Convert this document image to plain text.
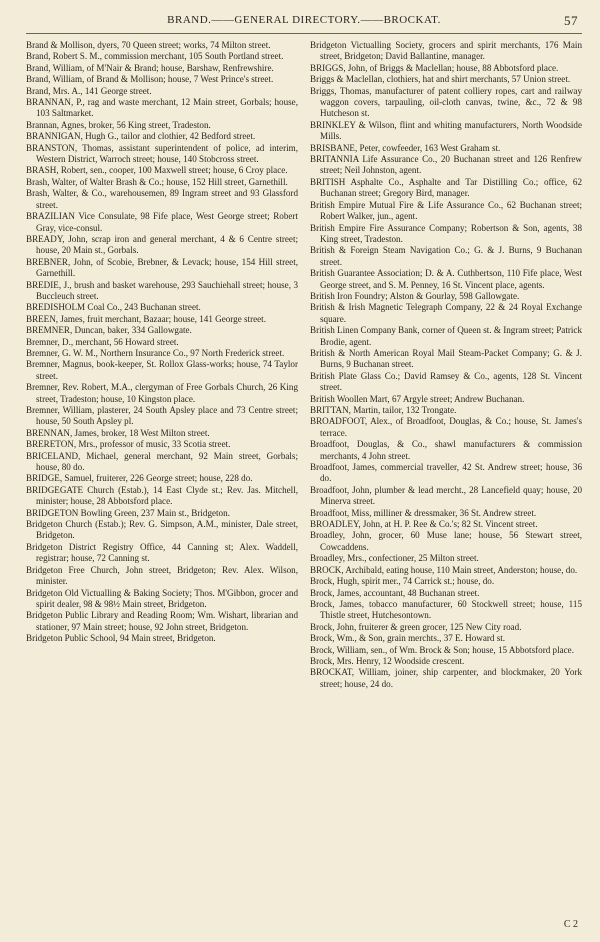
BRAND.——GENERAL DIRECTORY.——BROCKAT.	57
Brand & Mollison, dyers, 70 Queen street; works, 74 Milton street.
Brand, Robert S. M., commission merchant, 105 South Portland street.
Brand, William, of M'Nair & Brand; house, Barshaw, Renfrewshire.
Brand, William, of Brand & Mollison; house, 7 West Prince's street.
Brand, Mrs. A., 141 George street.
BRANNAN, P., rag and waste merchant, 12 Main street, Gorbals; house, 103 Saltmarket.
Brannan, Agnes, broker, 56 King street, Tradeston.
BRANNIGAN, Hugh G., tailor and clothier, 42 Bedford street.
BRANSTON, Thomas, assistant superintendent of police, ad interim, Western District, Warroch street; house, 140 Stobcross street.
BRASH, Robert, sen., cooper, 100 Maxwell street; house, 6 Croy place.
Brash, Walter, of Walter Brash & Co.; house, 152 Hill street, Garnethill.
Brash, Walter, & Co., warehousemen, 89 Ingram street and 93 Glassford street.
BRAZILIAN Vice Consulate, 98 Fife place, West George street; Robert Gray, vice-consul.
BREADY, John, scrap iron and general merchant, 4 & 6 Centre street; house, 20 Main st., Gorbals.
BREBNER, John, of Scobie, Brebner, & Levack; house, 154 Hill street, Garnethill.
BREDIE, J., brush and basket warehouse, 293 Sauchiehall street; house, 3 Buccleuch street.
BREDISHOLM Coal Co., 243 Buchanan street.
BREEN, James, fruit merchant, Bazaar; house, 141 George street.
BREMNER, Duncan, baker, 334 Gallowgate.
Bremner, D., merchant, 56 Howard street.
Bremner, G. W. M., Northern Insurance Co., 97 North Frederick street.
Bremner, Magnus, book-keeper, St. Rollox Glass-works; house, 74 Taylor street.
Bremner, Rev. Robert, M.A., clergyman of Free Gorbals Church, 26 King street, Tradeston; house, 10 Kingston place.
Bremner, William, plasterer, 24 South Apsley place and 73 Centre street; house, 50 South Apsley pl.
BRENNAN, James, broker, 18 West Milton street.
BRERETON, Mrs., professor of music, 33 Scotia street.
BRICELAND, Michael, general merchant, 92 Main street, Gorbals; house, 80 do.
BRIDGE, Samuel, fruiterer, 226 George street; house, 228 do.
BRIDGEGATE Church (Estab.), 14 East Clyde st.; Rev. Jas. Mitchell, minister; house, 28 Abbotsford place.
BRIDGETON Bowling Green, 237 Main st., Bridgeton.
Bridgeton Church (Estab.); Rev. G. Simpson, A.M., minister, Dale street, Bridgeton.
Bridgeton District Registry Office, 44 Canning st; Alex. Waddell, registrar; house, 72 Canning st.
Bridgeton Free Church, John street, Bridgeton; Rev. Alex. Wilson, minister.
Bridgeton Old Victualling & Baking Society; Thos. M'Gibbon, grocer and spirit dealer, 98 & 98½ Main street, Bridgeton.
Bridgeton Public Library and Reading Room; Wm. Wishart, librarian and stationer, 97 Main street; house, 92 John street, Bridgeton.
Bridgeton Public School, 94 Main street, Bridgeton.
Bridgeton Victualling Society, grocers and spirit merchants, 176 Main street, Bridgeton; David Ballantine, manager.
BRIGGS, John, of Briggs & Maclellan; house, 88 Abbotsford place.
Briggs & Maclellan, clothiers, hat and shirt merchants, 57 Union street.
Briggs, Thomas, manufacturer of patent colliery ropes, cart and railway waggon covers, tarpauling, oil-cloth canvas, twine, &c., 72 & 98 Hutcheson st.
BRINKLEY & Wilson, flint and whiting manufacturers, North Woodside Mills.
BRISBANE, Peter, cowfeeder, 163 West Graham st.
BRITANNIA Life Assurance Co., 20 Buchanan street and 126 Renfrew street; Neil Johnston, agent.
BRITISH Asphalte Co., Asphalte and Tar Distilling Co.; office, 62 Buchanan street; Gregory Bird, manager.
British Empire Mutual Fire & Life Assurance Co., 62 Buchanan street; Robert Walker, jun., agent.
British Empire Fire Assurance Company; Robertson & Son, agents, 38 King street, Tradeston.
British & Foreign Steam Navigation Co.; G. & J. Burns, 9 Buchanan street.
British Guarantee Association; D. & A. Cuthbertson, 110 Fife place, West George street, and S. M. Penney, 16 St. Vincent place, agents.
British Iron Foundry; Alston & Gourlay, 598 Gallowgate.
British & Irish Magnetic Telegraph Company, 22 & 24 Royal Exchange square.
British Linen Company Bank, corner of Queen st. & Ingram street; Patrick Brodie, agent.
British & North American Royal Mail Steam-Packet Company; G. & J. Burns, 9 Buchanan street.
British Plate Glass Co.; David Ramsey & Co., agents, 128 St. Vincent street.
British Woollen Mart, 67 Argyle street; Andrew Buchanan.
BRITTAN, Martin, tailor, 132 Trongate.
BROADFOOT, Alex., of Broadfoot, Douglas, & Co.; house, St. James's terrace.
Broadfoot, Douglas, & Co., shawl manufacturers & commission merchants, 4 John street.
Broadfoot, James, commercial traveller, 42 St. Andrew street; house, 36 do.
Broadfoot, John, plumber & lead mercht., 28 Lancefield quay; house, 20 Minerva street.
Broadfoot, Miss, milliner & dressmaker, 36 St. Andrew street.
BROADLEY, John, at H. P. Ree & Co.'s; 82 St. Vincent street.
Broadley, John, grocer, 60 Muse lane; house, 56 Stewart street, Cowcaddens.
Broadley, Mrs., confectioner, 25 Milton street.
BROCK, Archibald, eating house, 110 Main street, Anderston; house, do.
Brock, Hugh, spirit mer., 74 Carrick st.; house, do.
Brock, James, accountant, 48 Buchanan street.
Brock, James, tobacco manufacturer, 60 Stockwell street; house, 115 Thistle street, Hutchesontown.
Brock, John, fruiterer & green grocer, 125 New City road.
Brock, Wm., & Son, grain merchts., 37 E. Howard st.
Brock, William, sen., of Wm. Brock & Son; house, 15 Abbotsford place.
Brock, Mrs. Henry, 12 Woodside crescent.
BROCKAT, William, joiner, ship carpenter, and blockmaker, 20 York street; house, 24 do.
C 2
